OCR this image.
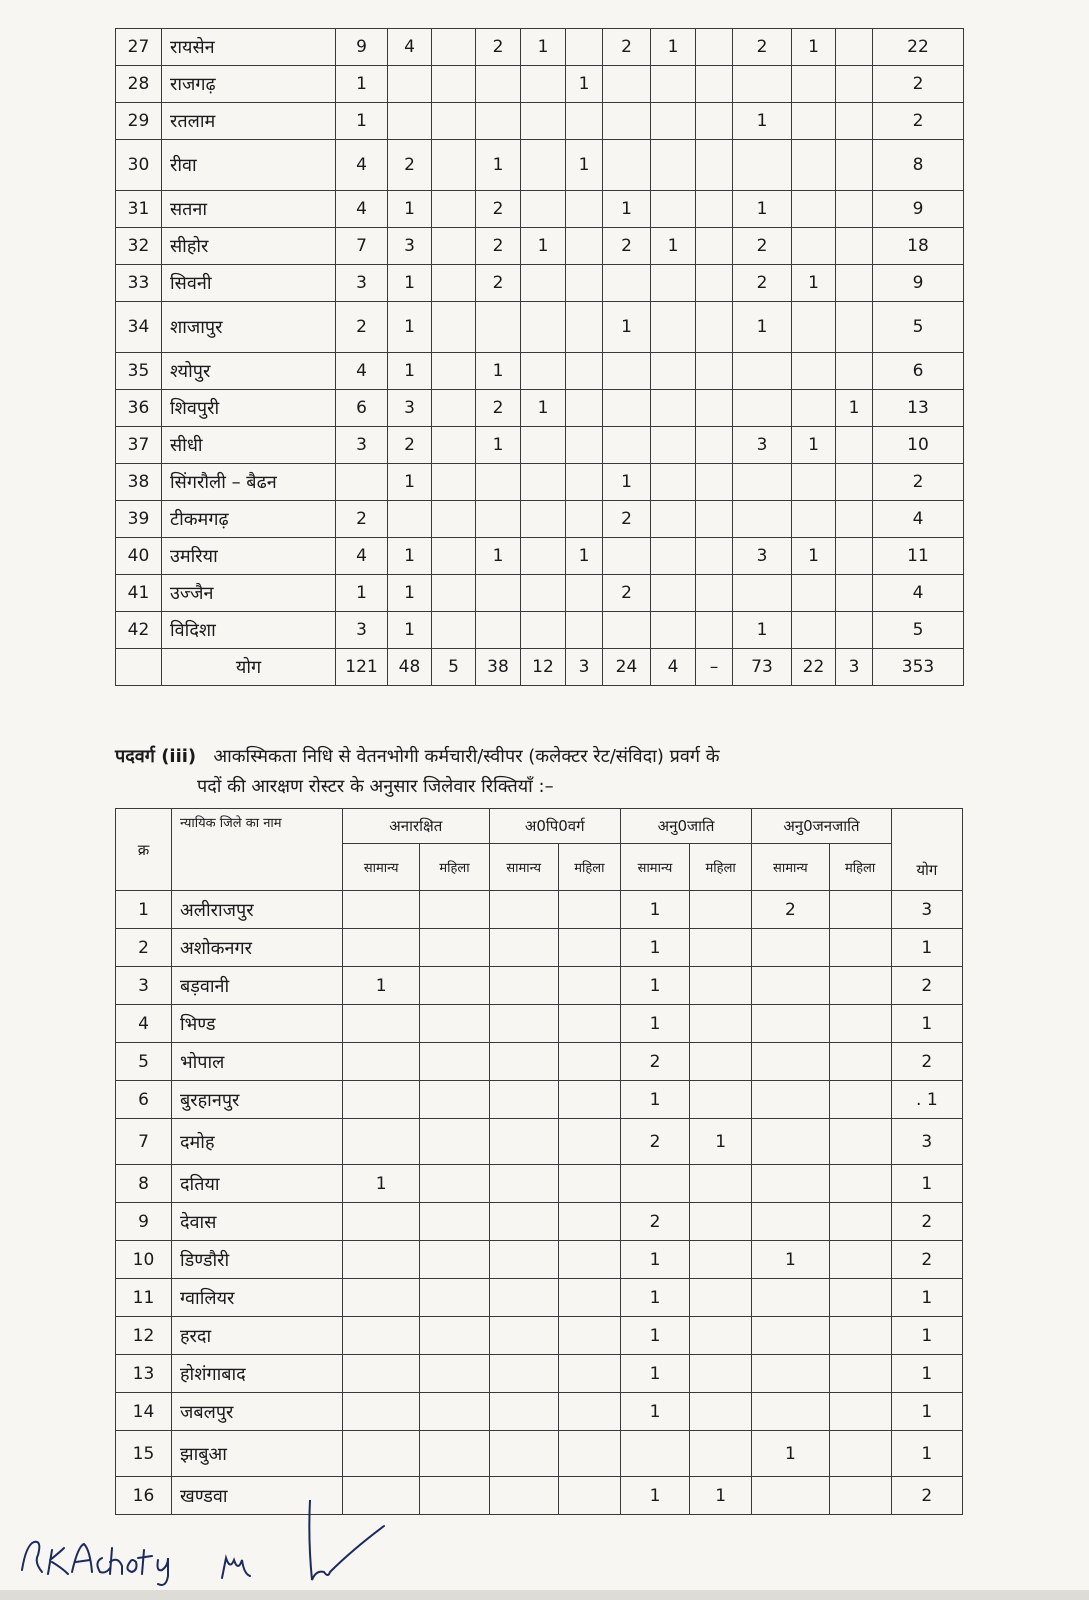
27	रायसेन	9	4		2	1		2	1		2	1		22
28	राजगढ़	1					1							2
29	रतलाम	1									1			2
30	रीवा	4	2		1		1							8
31	सतना	4	1		2			1			1			9
32	सीहोर	7	3		2	1		2	1		2			18
33	सिवनी	3	1		2						2	1		9
34	शाजापुर	2	1					1			1			5
35	श्योपुर	4	1		1									6
36	शिवपुरी	6	3		2	1							1	13
37	सीधी	3	2		1						3	1		10
38	सिंगरौली – बैढन		1					1						2
39	टीकमगढ़	2						2						4
40	उमरिया	4	1		1		1				3	1		11
41	उज्जैन	1	1					2						4
42	विदिशा	3	1								1			5
	योग	121	48	5	38	12	3	24	4	–	73	22	3	353
पदवर्ग (iii) आकस्मिकता निधि से वेतनभोगी कर्मचारी/स्वीपर (कलेक्टर रेट/संविदा) प्रवर्ग के
पदों की आरक्षण रोस्टर के अनुसार जिलेवार रिक्तियाँ :–
क्र	न्यायिक जिले का नाम	अनारक्षित		अ0पि0वर्ग		अनु0जाति		अनु0जनजाति		योग
		सामान्य	महिला	सामान्य	महिला	सामान्य	महिला	सामान्य	महिला	
1	अलीराजपुर					1		2		3
2	अशोकनगर					1				1
3	बड़वानी	1				1				2
4	भिण्ड					1				1
5	भोपाल					2				2
6	बुरहानपुर					1				. 1
7	दमोह					2	1			3
8	दतिया	1								1
9	देवास					2				2
10	डिण्डौरी					1		1		2
11	ग्वालियर					1				1
12	हरदा					1				1
13	होशंगाबाद					1				1
14	जबलपुर					1				1
15	झाबुआ							1		1
16	खण्डवा					1	1			2
